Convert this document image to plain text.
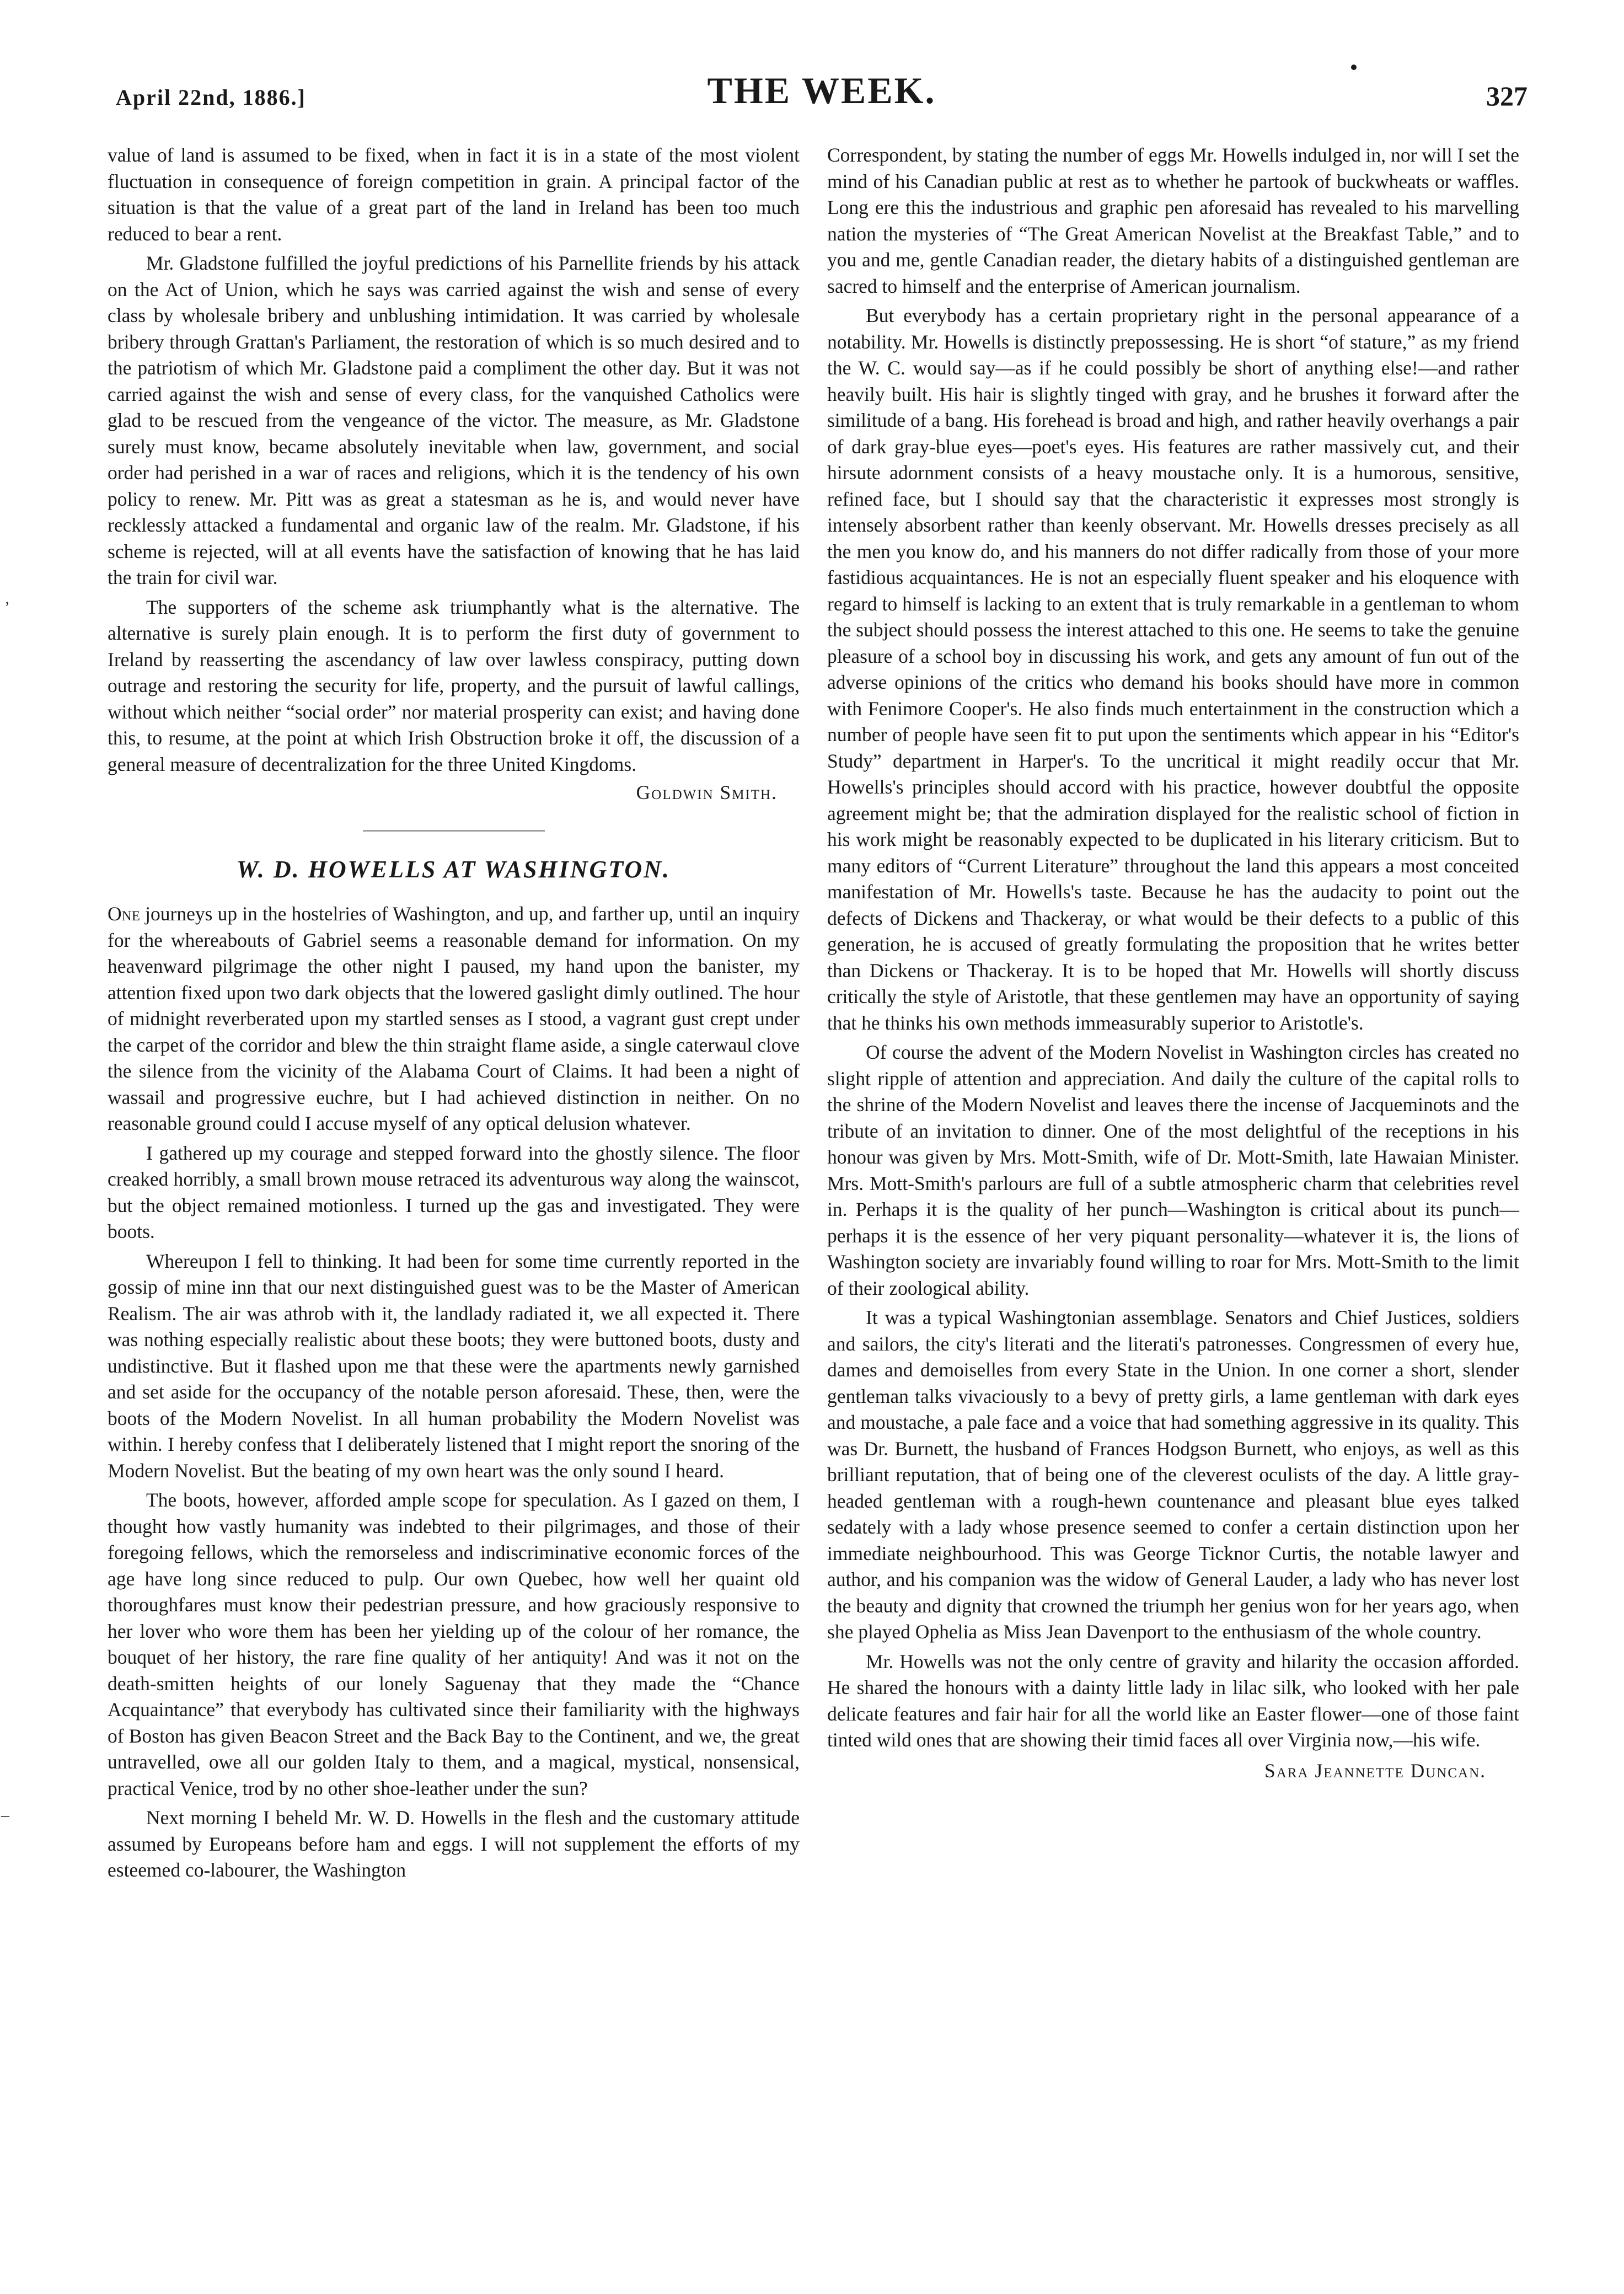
April 22nd, 1886.]	THE WEEK.	327
’
–

value of land is assumed to be fixed, when in fact it is in a state of the most violent fluctuation in consequence of foreign competition in grain. A principal factor of the situation is that the value of a great part of the land in Ireland has been too much reduced to bear a rent.

Mr. Gladstone fulfilled the joyful predictions of his Parnellite friends by his attack on the Act of Union, which he says was carried against the wish and sense of every class by wholesale bribery and unblushing intimidation. It was carried by wholesale bribery through Grattan's Parliament, the restoration of which is so much desired and to the patriotism of which Mr. Gladstone paid a compliment the other day. But it was not carried against the wish and sense of every class, for the vanquished Catholics were glad to be rescued from the vengeance of the victor. The measure, as Mr. Gladstone surely must know, became absolutely inevitable when law, government, and social order had perished in a war of races and religions, which it is the tendency of his own policy to renew. Mr. Pitt was as great a statesman as he is, and would never have recklessly attacked a fundamental and organic law of the realm. Mr. Gladstone, if his scheme is rejected, will at all events have the satisfaction of knowing that he has laid the train for civil war.

The supporters of the scheme ask triumphantly what is the alternative. The alternative is surely plain enough. It is to perform the first duty of government to Ireland by reasserting the ascendancy of law over lawless conspiracy, putting down outrage and restoring the security for life, property, and the pursuit of lawful callings, without which neither “social order” nor material prosperity can exist; and having done this, to resume, at the point at which Irish Obstruction broke it off, the discussion of a general measure of decentralization for the three United Kingdoms.

Goldwin Smith.
W. D. HOWELLS AT WASHINGTON.

One journeys up in the hostelries of Washington, and up, and farther up, until an inquiry for the whereabouts of Gabriel seems a reasonable demand for information. On my heavenward pilgrimage the other night I paused, my hand upon the banister, my attention fixed upon two dark objects that the lowered gaslight dimly outlined. The hour of midnight reverberated upon my startled senses as I stood, a vagrant gust crept under the carpet of the corridor and blew the thin straight flame aside, a single caterwaul clove the silence from the vicinity of the Alabama Court of Claims. It had been a night of wassail and progressive euchre, but I had achieved distinction in neither. On no reasonable ground could I accuse myself of any optical delusion whatever.

I gathered up my courage and stepped forward into the ghostly silence. The floor creaked horribly, a small brown mouse retraced its adventurous way along the wainscot, but the object remained motionless. I turned up the gas and investigated. They were boots.

Whereupon I fell to thinking. It had been for some time currently reported in the gossip of mine inn that our next distinguished guest was to be the Master of American Realism. The air was athrob with it, the landlady radiated it, we all expected it. There was nothing especially realistic about these boots; they were buttoned boots, dusty and undistinctive. But it flashed upon me that these were the apartments newly garnished and set aside for the occupancy of the notable person aforesaid. These, then, were the boots of the Modern Novelist. In all human probability the Modern Novelist was within. I hereby confess that I deliberately listened that I might report the snoring of the Modern Novelist. But the beating of my own heart was the only sound I heard.

The boots, however, afforded ample scope for speculation. As I gazed on them, I thought how vastly humanity was indebted to their pilgrimages, and those of their foregoing fellows, which the remorseless and indiscriminative economic forces of the age have long since reduced to pulp. Our own Quebec, how well her quaint old thoroughfares must know their pedestrian pressure, and how graciously responsive to her lover who wore them has been her yielding up of the colour of her romance, the bouquet of her history, the rare fine quality of her antiquity! And was it not on the death-smitten heights of our lonely Saguenay that they made the “Chance Acquaintance” that everybody has cultivated since their familiarity with the highways of Boston has given Beacon Street and the Back Bay to the Continent, and we, the great untravelled, owe all our golden Italy to them, and a magical, mystical, nonsensical, practical Venice, trod by no other shoe-leather under the sun?

Next morning I beheld Mr. W. D. Howells in the flesh and the customary attitude assumed by Europeans before ham and eggs. I will not supplement the efforts of my esteemed co-labourer, the Washington

Correspondent, by stating the number of eggs Mr. Howells indulged in, nor will I set the mind of his Canadian public at rest as to whether he partook of buckwheats or waffles. Long ere this the industrious and graphic pen aforesaid has revealed to his marvelling nation the mysteries of “The Great American Novelist at the Breakfast Table,” and to you and me, gentle Canadian reader, the dietary habits of a distinguished gentleman are sacred to himself and the enterprise of American journalism.

But everybody has a certain proprietary right in the personal appearance of a notability. Mr. Howells is distinctly prepossessing. He is short “of stature,” as my friend the W. C. would say—as if he could possibly be short of anything else!—and rather heavily built. His hair is slightly tinged with gray, and he brushes it forward after the similitude of a bang. His forehead is broad and high, and rather heavily overhangs a pair of dark gray-blue eyes—poet's eyes. His features are rather massively cut, and their hirsute adornment consists of a heavy moustache only. It is a humorous, sensitive, refined face, but I should say that the characteristic it expresses most strongly is intensely absorbent rather than keenly observant. Mr. Howells dresses precisely as all the men you know do, and his manners do not differ radically from those of your more fastidious acquaintances. He is not an especially fluent speaker and his eloquence with regard to himself is lacking to an extent that is truly remarkable in a gentleman to whom the subject should possess the interest attached to this one. He seems to take the genuine pleasure of a school boy in discussing his work, and gets any amount of fun out of the adverse opinions of the critics who demand his books should have more in common with Fenimore Cooper's. He also finds much entertainment in the construction which a number of people have seen fit to put upon the sentiments which appear in his “Editor's Study” department in Harper's. To the uncritical it might readily occur that Mr. Howells's principles should accord with his practice, however doubtful the opposite agreement might be; that the admiration displayed for the realistic school of fiction in his work might be reasonably expected to be duplicated in his literary criticism. But to many editors of “Current Literature” throughout the land this appears a most conceited manifestation of Mr. Howells's taste. Because he has the audacity to point out the defects of Dickens and Thackeray, or what would be their defects to a public of this generation, he is accused of greatly formulating the proposition that he writes better than Dickens or Thackeray. It is to be hoped that Mr. Howells will shortly discuss critically the style of Aristotle, that these gentlemen may have an opportunity of saying that he thinks his own methods immeasurably superior to Aristotle's.

Of course the advent of the Modern Novelist in Washington circles has created no slight ripple of attention and appreciation. And daily the culture of the capital rolls to the shrine of the Modern Novelist and leaves there the incense of Jacqueminots and the tribute of an invitation to dinner. One of the most delightful of the receptions in his honour was given by Mrs. Mott-Smith, wife of Dr. Mott-Smith, late Hawaian Minister. Mrs. Mott-Smith's parlours are full of a subtle atmospheric charm that celebrities revel in. Perhaps it is the quality of her punch—Washington is critical about its punch—perhaps it is the essence of her very piquant personality—whatever it is, the lions of Washington society are invariably found willing to roar for Mrs. Mott-Smith to the limit of their zoological ability.

It was a typical Washingtonian assemblage. Senators and Chief Justices, soldiers and sailors, the city's literati and the literati's patronesses. Congressmen of every hue, dames and demoiselles from every State in the Union. In one corner a short, slender gentleman talks vivaciously to a bevy of pretty girls, a lame gentleman with dark eyes and moustache, a pale face and a voice that had something aggressive in its quality. This was Dr. Burnett, the husband of Frances Hodgson Burnett, who enjoys, as well as this brilliant reputation, that of being one of the cleverest oculists of the day. A little gray-headed gentleman with a rough-hewn countenance and pleasant blue eyes talked sedately with a lady whose presence seemed to confer a certain distinction upon her immediate neighbourhood. This was George Ticknor Curtis, the notable lawyer and author, and his companion was the widow of General Lauder, a lady who has never lost the beauty and dignity that crowned the triumph her genius won for her years ago, when she played Ophelia as Miss Jean Davenport to the enthusiasm of the whole country.

Mr. Howells was not the only centre of gravity and hilarity the occasion afforded. He shared the honours with a dainty little lady in lilac silk, who looked with her pale delicate features and fair hair for all the world like an Easter flower—one of those faint tinted wild ones that are showing their timid faces all over Virginia now,—his wife.

Sara Jeannette Duncan.
